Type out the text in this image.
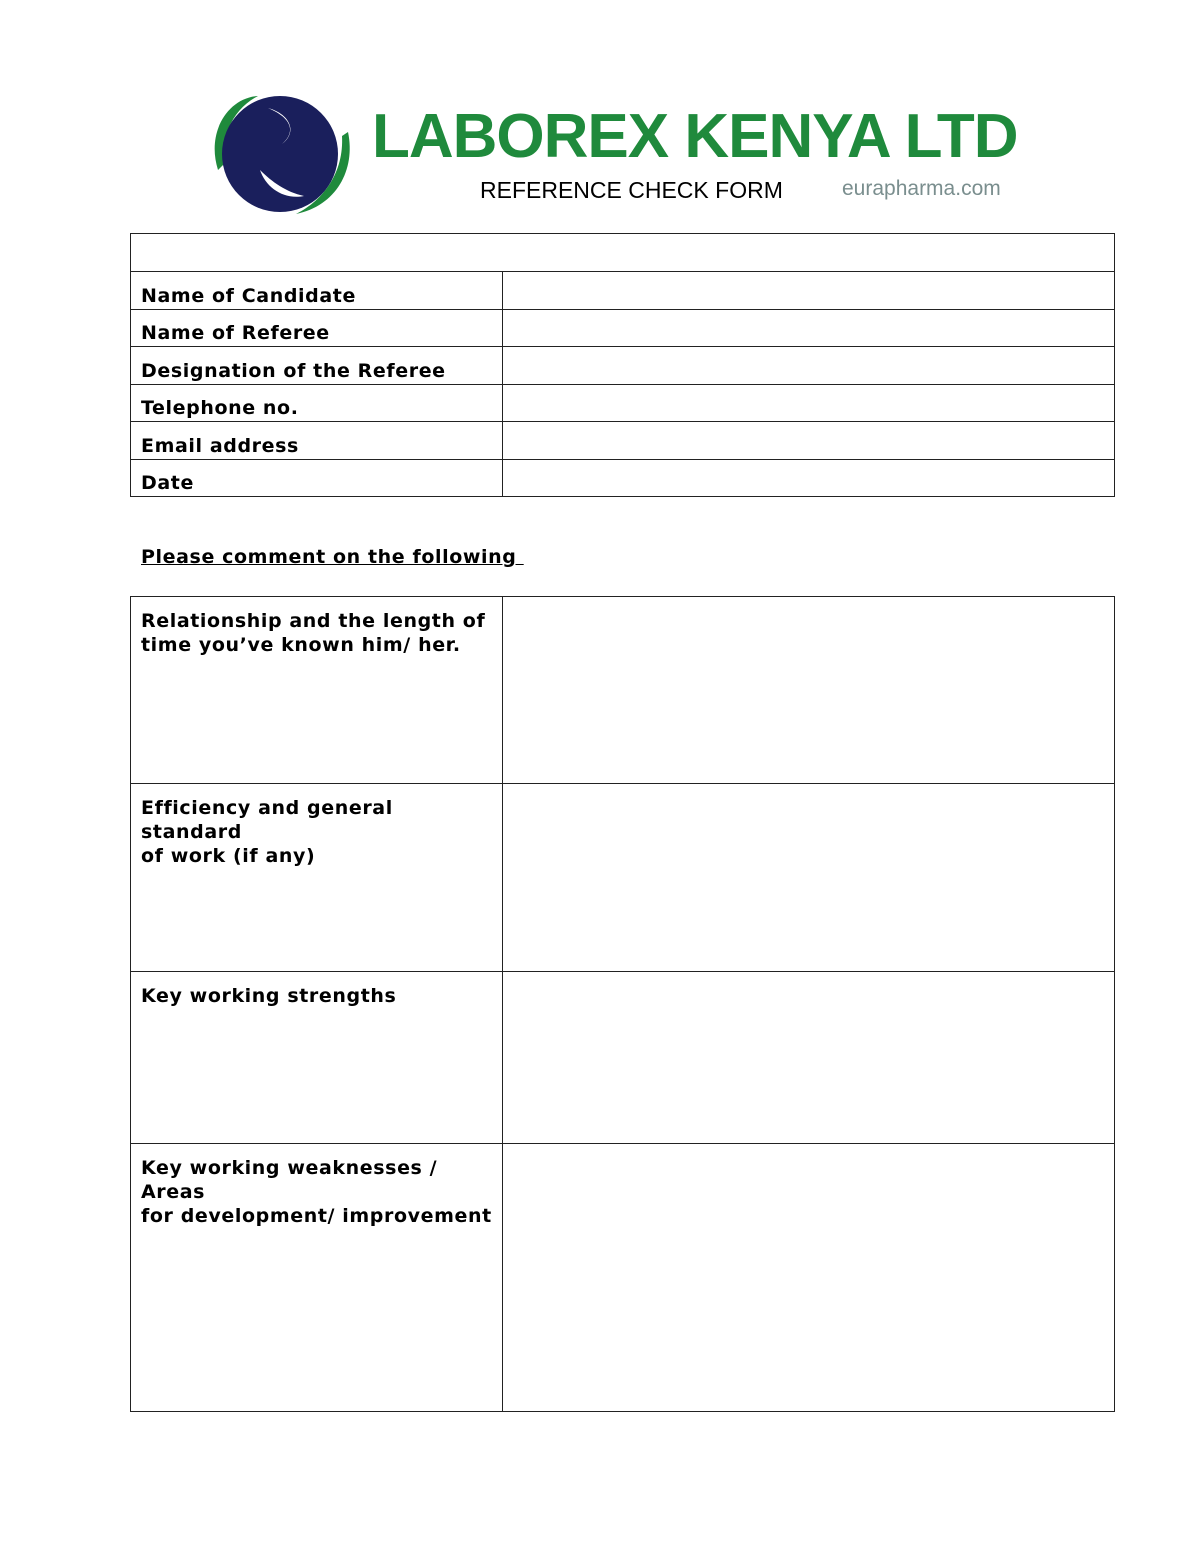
LABOREX KENYA LTD
REFERENCE CHECK FORM	eurapharma.com

Name of Candidate	
Name of Referee	
Designation of the Referee	
Telephone no.	
Email address	
Date	
Please comment on the following
Relationship and the length of
time you’ve known him/ her.	
Efficiency and general standard
of work (if any)	
Key working strengths	
Key working weaknesses / Areas
for development/ improvement	
